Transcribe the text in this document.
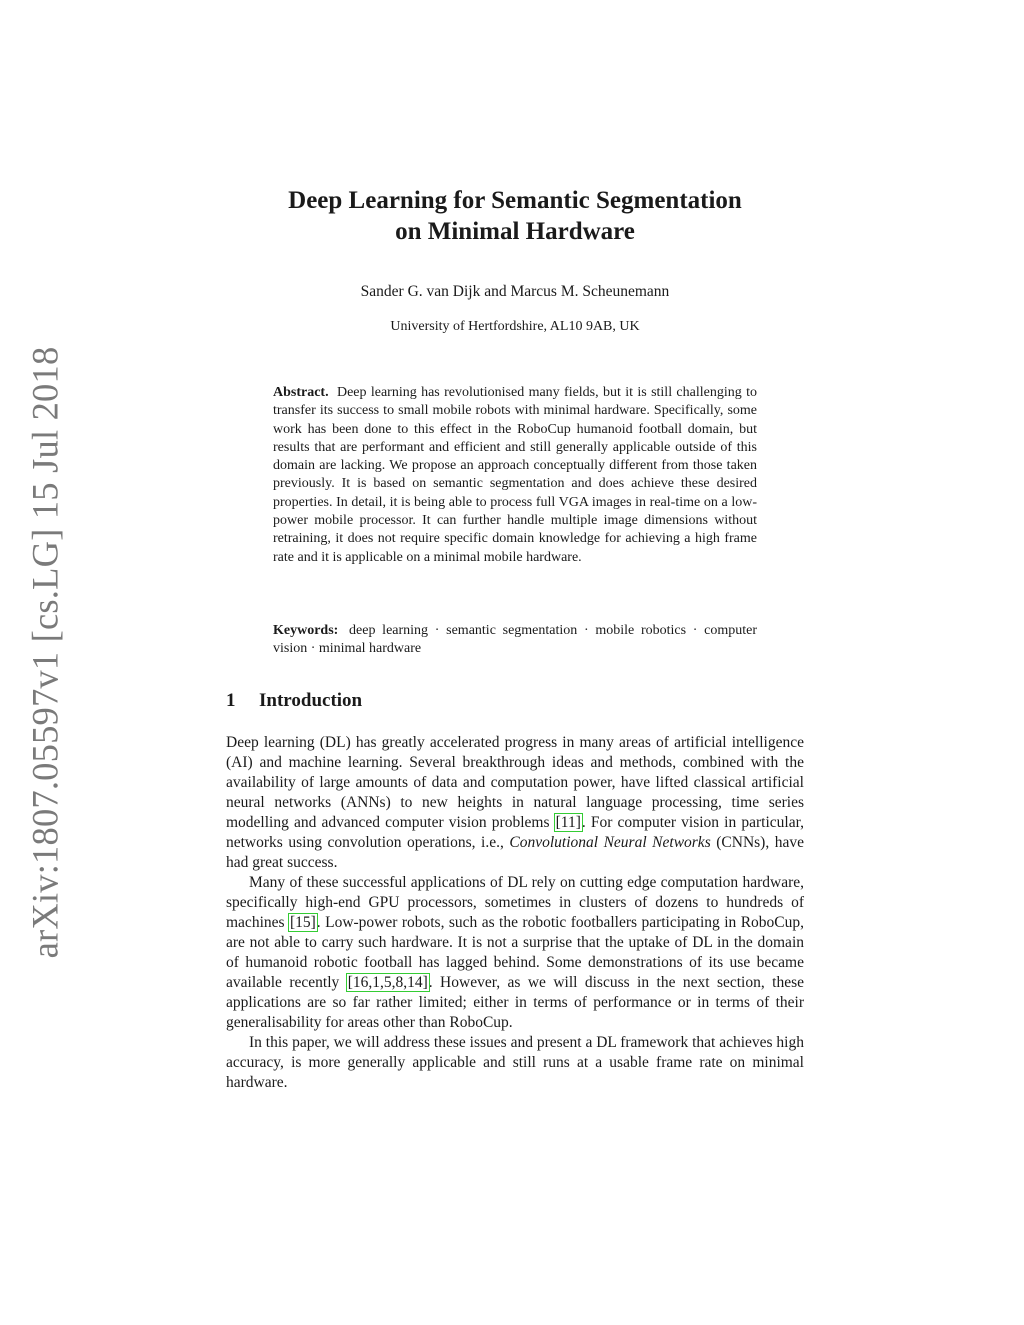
arXiv:1807.05597v1 [cs.LG] 15 Jul 2018
Deep Learning for Semantic Segmentation
on Minimal Hardware
Sander G. van Dijk and Marcus M. Scheunemann
University of Hertfordshire, AL10 9AB, UK
Abstract. Deep learning has revolutionised many fields, but it is still challenging to transfer its success to small mobile robots with minimal hardware. Specifically, some work has been done to this effect in the RoboCup humanoid football domain, but results that are performant and efficient and still generally applicable outside of this domain are lacking. We propose an approach conceptually different from those taken previously. It is based on semantic segmentation and does achieve these desired properties. In detail, it is being able to process full VGA images in real-time on a low-power mobile processor. It can further handle multiple image dimensions without retraining, it does not require specific domain knowledge for achieving a high frame rate and it is applicable on a minimal mobile hardware.
Keywords: deep learning · semantic segmentation · mobile robotics · computer vision · minimal hardware
1 Introduction

Deep learning (DL) has greatly accelerated progress in many areas of artificial intelligence (AI) and machine learning. Several breakthrough ideas and methods, combined with the availability of large amounts of data and computation power, have lifted classical artificial neural networks (ANNs) to new heights in natural language processing, time series modelling and advanced computer vision problems [11]. For computer vision in particular, networks using convolution operations, i.e., Convolutional Neural Networks (CNNs), have had great success.

Many of these successful applications of DL rely on cutting edge computation hardware, specifically high-end GPU processors, sometimes in clusters of dozens to hundreds of machines [15]. Low-power robots, such as the robotic footballers participating in RoboCup, are not able to carry such hardware. It is not a surprise that the uptake of DL in the domain of humanoid robotic football has lagged behind. Some demonstrations of its use became available recently [16,1,5,8,14]. However, as we will discuss in the next section, these applications are so far rather limited; either in terms of performance or in terms of their generalisability for areas other than RoboCup.

In this paper, we will address these issues and present a DL framework that achieves high accuracy, is more generally applicable and still runs at a usable frame rate on minimal hardware.
